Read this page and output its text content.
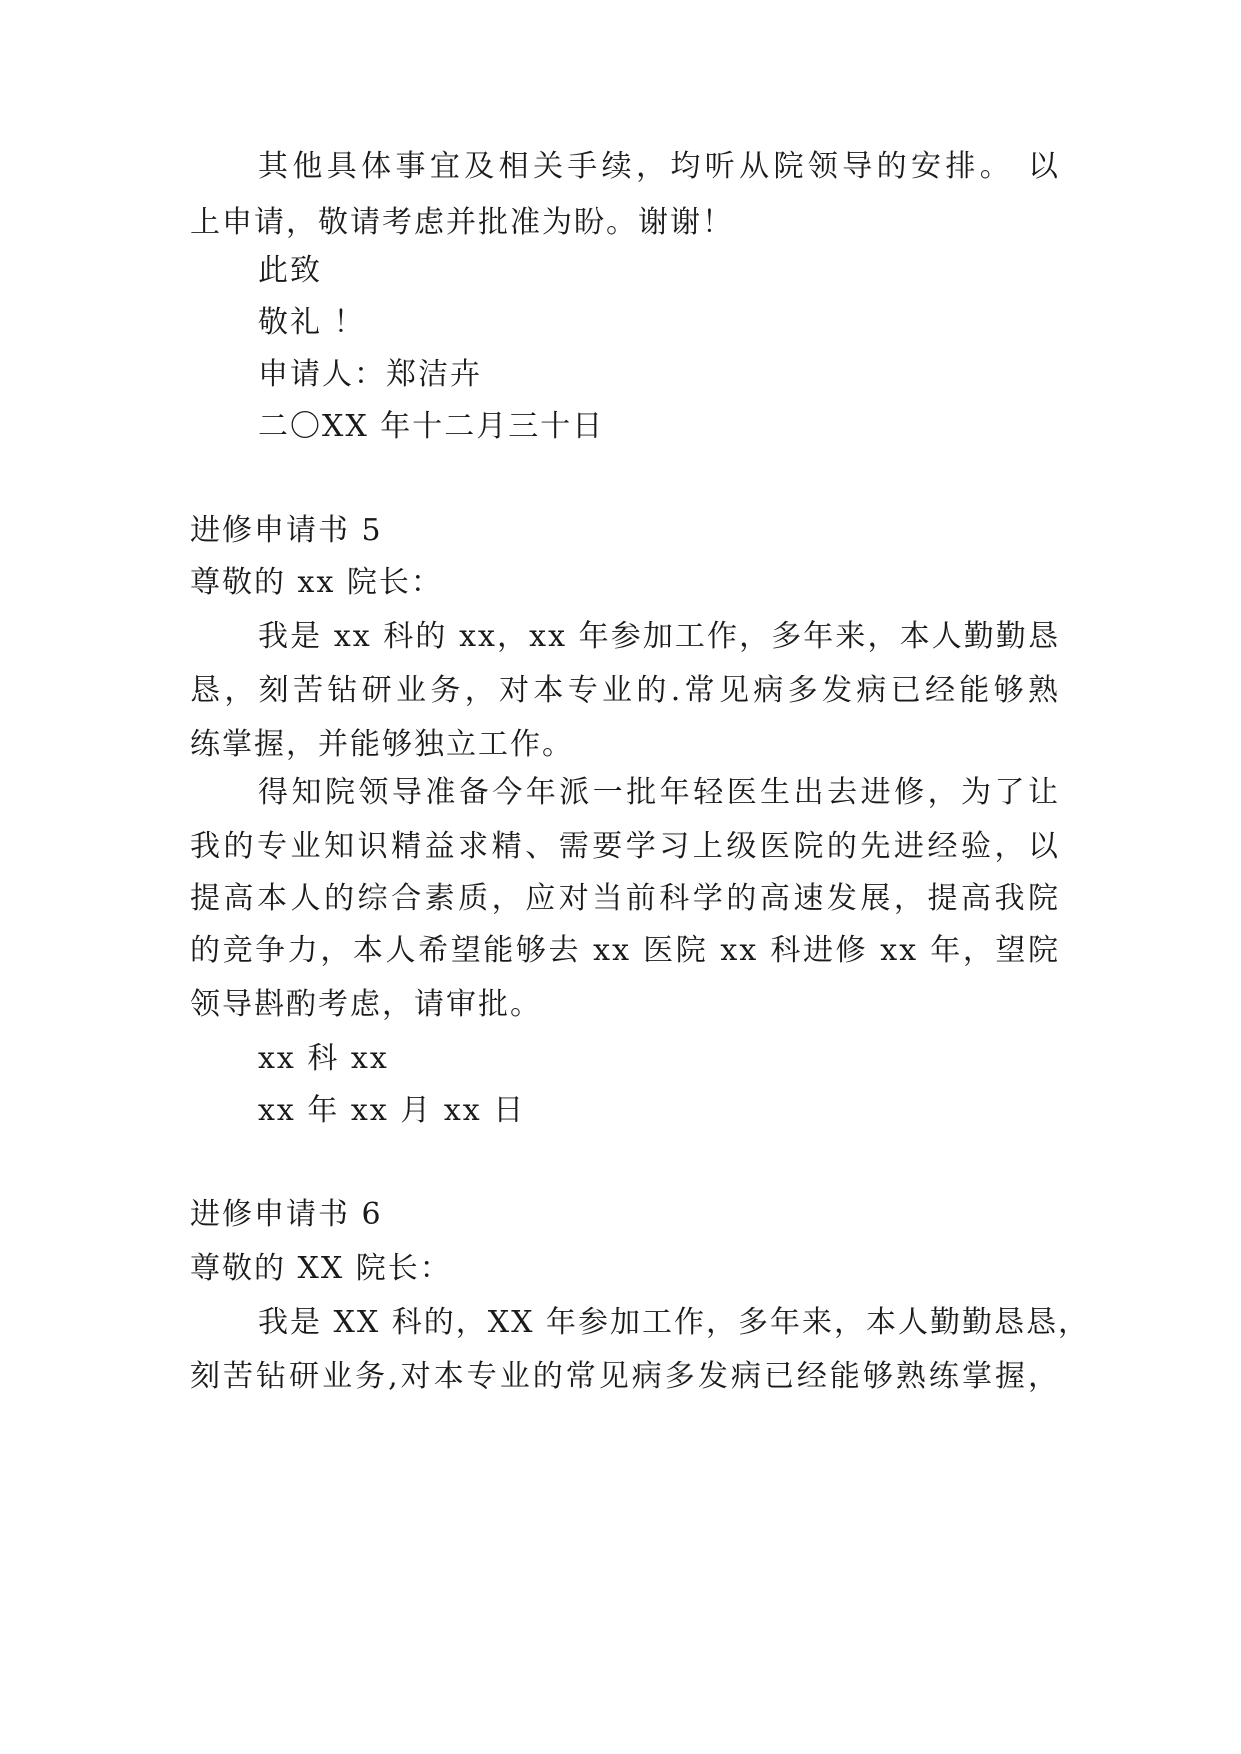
其他具体事宜及相关手续，均听从院领导的安排。 以
上申请，敬请考虑并批准为盼。谢谢！
此致
敬礼 ！
申请人：郑洁卉
二〇XX 年十二月三十日
进修申请书 5
尊敬的 xx 院长：
我是 xx 科的 xx，xx 年参加工作，多年来，本人勤勤恳
恳，刻苦钻研业务，对本专业的.常见病多发病已经能够熟
练掌握，并能够独立工作。
得知院领导准备今年派一批年轻医生出去进修，为了让
我的专业知识精益求精、需要学习上级医院的先进经验，以
提高本人的综合素质，应对当前科学的高速发展，提高我院
的竞争力，本人希望能够去 xx 医院 xx 科进修 xx 年，望院
领导斟酌考虑，请审批。
xx 科 xx
xx 年 xx 月 xx 日
进修申请书 6
尊敬的 XX 院长：
我是 XX 科的，XX 年参加工作，多年来，本人勤勤恳恳，
刻苦钻研业务,对本专业的常见病多发病已经能够熟练掌握，
